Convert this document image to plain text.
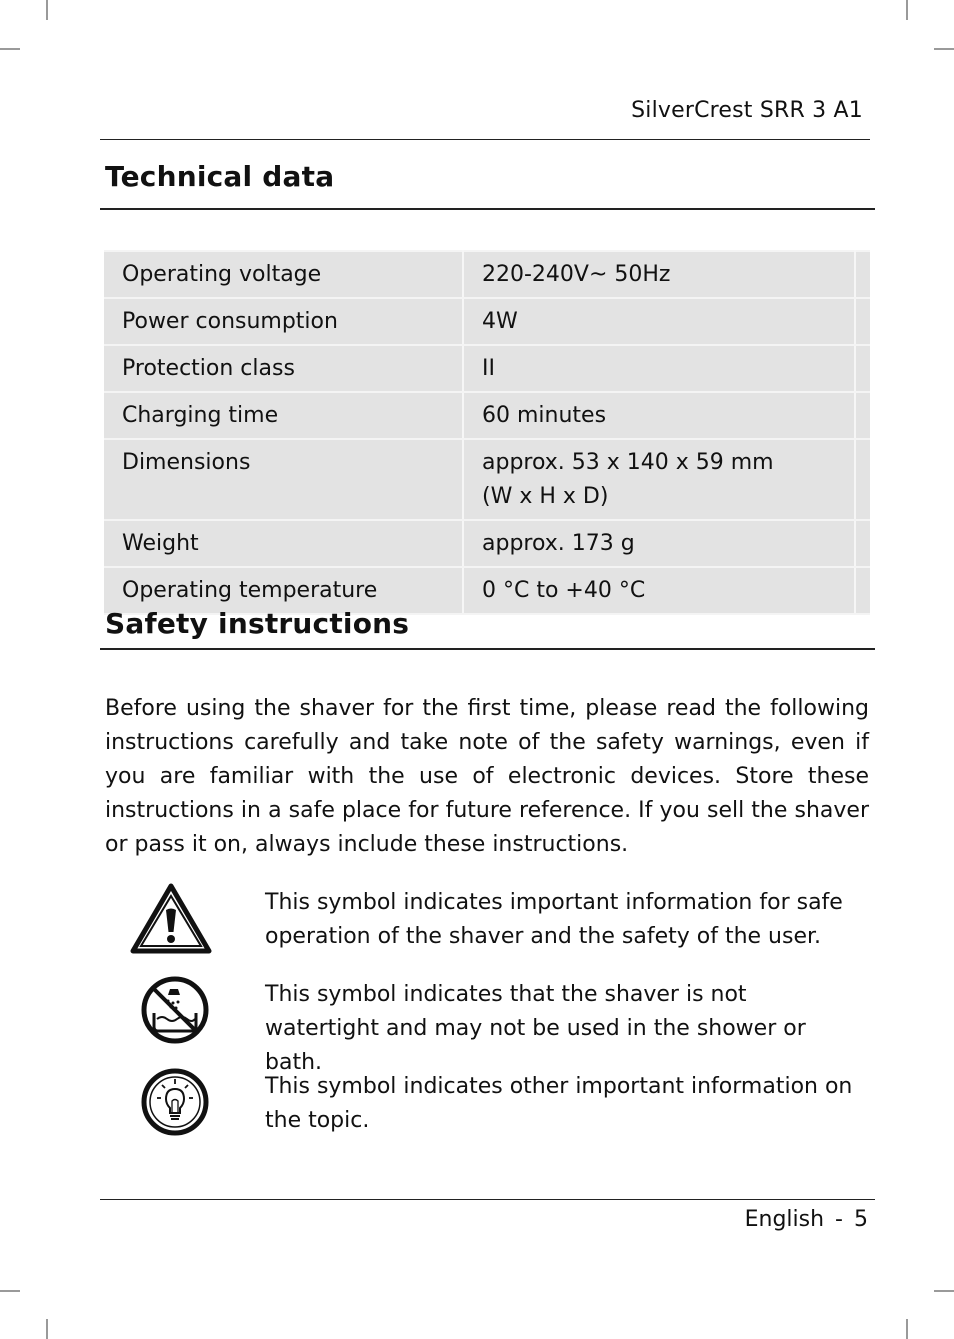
SilverCrest SRR 3 A1
Technical data
Operating voltage	220-240V~ 50Hz	
Power consumption	4W	
Protection class	II	
Charging time	60 minutes	
Dimensions	approx. 53 x 140 x 59 mm
(W x H x D)	
Weight	approx. 173 g	
Operating temperature	0 °C to +40 °C	
Safety instructions

Before using the shaver for the first time, please read the following instructions carefully and take note of the safety warnings, even if you are familiar with the use of electronic devices. Store these instructions in a safe place for future reference. If you sell the shaver or pass it on, always include these instructions.

This symbol indicates important information for safe operation of the shaver and the safety of the user.

This symbol indicates that the shaver is not watertight and may not be used in the shower or bath.

This symbol indicates other important information on the topic.

English - 5
